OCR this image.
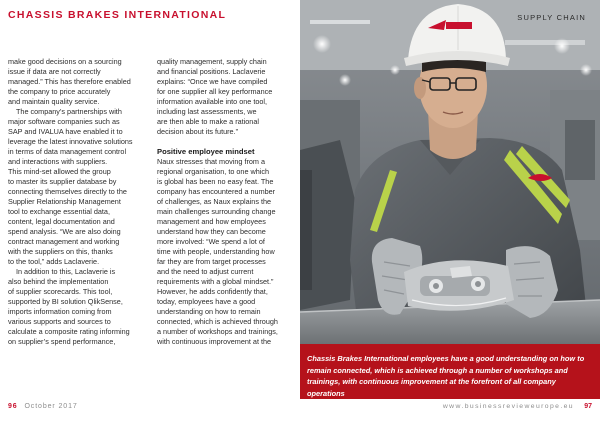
CHASSIS BRAKES INTERNATIONAL

make good decisions on a sourcing

issue if data are not correctly

managed.” This has therefore enabled

the company to price accurately

and maintain quality service.

The company’s partnerships with

major software companies such as

SAP and IVALUA have enabled it to

leverage the latest innovative solutions

in terms of data management control

and interactions with suppliers.

This mind-set allowed the group

to master its supplier database by

connecting themselves directly to the

Supplier Relationship Management

tool to exchange essential data,

content, legal documentation and

spend analysis. “We are also doing

contract management and working

with the suppliers on this, thanks

to the tool,” adds Laclaverie.

In addition to this, Laclaverie is

also behind the implementation

of supplier scorecards. This tool,

supported by BI solution QlikSense,

imports information coming from

various supports and sources to

calculate a composite rating informing

on supplier’s spend performance,

quality management, supply chain

and financial positions. Laclaverie

explains: “Once we have compiled

for one supplier all key performance

information available into one tool,

including last assessments, we

are then able to make a rational

decision about its future.”

Positive employee mindset

Naux stresses that moving from a

regional organisation, to one which

is global has been no easy feat. The

company has encountered a number

of challenges, as Naux explains the

main challenges surrounding change

management and how employees

understand how they can become

more involved: “We spend a lot of

time with people, understanding how

far they are from target processes

and the need to adjust current

requirements with a global mindset.”

However, he adds confidently that,

today, employees have a good

understanding on how to remain

connected, which is achieved through

a number of workshops and trainings,

with continuous improvement at the

96 October 2017
SUPPLY CHAIN

Chassis Brakes International employees have a good understanding on how to remain connected, which is achieved through a number of workshops and trainings, with continuous improvement at the forefront of all company operations

www.businessrevieweurope.eu 97
